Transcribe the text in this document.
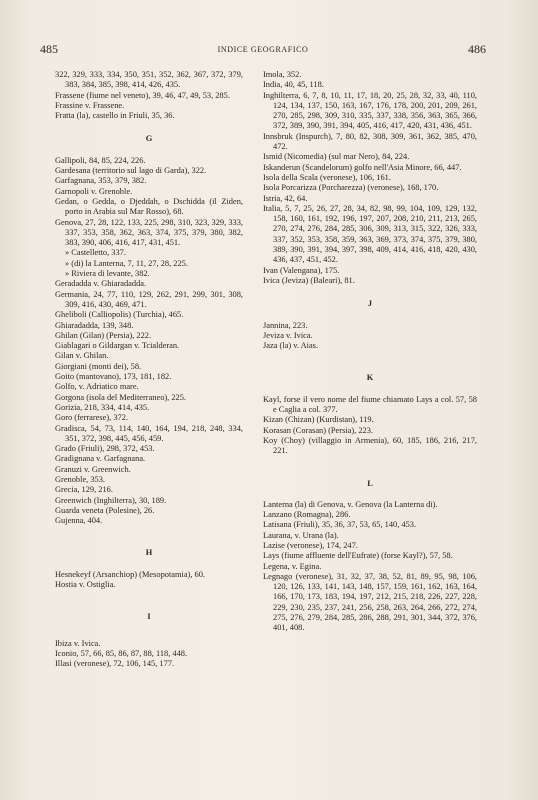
485	INDICE GEOGRAFICO	486
322, 329, 333, 334, 350, 351, 352, 362, 367, 372, 379, 383, 384, 385, 398, 414, 426, 435.
Frassene (fiume nel veneto), 39, 46, 47, 49, 53, 285.
Frassine v. Frassene.
Fratta (la), castello in Friuli, 35, 36.
G
Gallipoli, 84, 85, 224, 226.
Gardesana (territorio sul lago di Garda), 322.
Garfagnana, 353, 379, 382.
Garnopoli v. Grenoble.
Gedan, o Gedda, o Djeddah, o Dschidda (il Ziden, porto in Arabia sul Mar Rosso), 68.
Genova, 27, 28, 122, 133, 225, 298, 310, 323, 329, 333, 337, 353, 358, 362, 363, 374, 375, 379, 380, 382, 383, 390, 406, 416, 417, 431, 451.
» Castelletto, 337.
» (di) la Lanterna, 7, 11, 27, 28, 225.
» Riviera di levante, 382.
Geradadda v. Ghiaradadda.
Germania, 24, 77, 110, 129, 262, 291, 299, 301, 308, 309, 416, 430, 469, 471.
Gheliboli (Calliopolis) (Turchia), 465.
Ghiaradadda, 139, 348.
Ghilan (Gilan) (Persia), 222.
Giablagari o Gildargan v. Tcialderan.
Gilan v. Ghilan.
Giorgiani (monti dei), 58.
Goito (mantovano), 173, 181, 182.
Golfo, v. Adriatico mare.
Gorgona (isola del Mediterraneo), 225.
Gorizia, 218, 334, 414, 435.
Goro (ferrarese), 372.
Gradisca, 54, 73, 114, 140, 164, 194, 218, 248, 334, 351, 372, 398, 445, 456, 459.
Grado (Friuli), 298, 372, 453.
Gradignana v. Garfagnana.
Granuzi v. Greenwich.
Grenoble, 353.
Grecia, 129, 216.
Greenwich (Inghilterra), 30, 189.
Guarda veneta (Polesine), 26.
Gujenna, 404.
H
Hesnekeyf (Arsanchiop) (Mesopotamia), 60.
Hostia v. Ostiglia.
I
Ibiza v. Ivica.
Iconio, 57, 66, 85, 86, 87, 88, 118, 448.
Illasi (veronese), 72, 106, 145, 177.
Imola, 352.
India, 40, 45, 118.
Inghilterra, 6, 7, 8, 10, 11, 17, 18, 20, 25, 28, 32, 33, 40, 110, 124, 134, 137, 150, 163, 167, 176, 178, 200, 201, 209, 261, 270, 285, 298, 309, 310, 335, 337, 338, 356, 363, 365, 366, 372, 389, 390, 391, 394, 405, 416, 417, 420, 431, 436, 451.
Innsbruk (Inspurch), 7, 80, 82, 308, 309, 361, 362, 385, 470, 472.
Ismid (Nicomedia) (sul mar Nero), 84, 224.
Iskanderun (Scandelorum) golfo nell'Asia Minore, 66, 447.
Isola della Scala (veronese), 106, 161.
Isola Porcarizza (Porcharezza) (veronese), 168, 170.
Istria, 42, 64.
Italia, 5, 7, 25, 26, 27, 28, 34, 82, 98, 99, 104, 109, 129, 132, 158, 160, 161, 192, 196, 197, 207, 208, 210, 211, 213, 265, 270, 274, 276, 284, 285, 306, 309, 313, 315, 322, 326, 333, 337, 352, 353, 358, 359, 363, 369, 373, 374, 375, 379, 380, 389, 390, 391, 394, 397, 398, 409, 414, 416, 418, 420, 430, 436, 437, 451, 452.
Ivan (Valengana), 175.
Ivica (Jeviza) (Baleari), 81.
J
Jannina, 223.
Jeviza v. Ivica.
Jaza (la) v. Aias.
K
Kayl, forse il vero nome del fiume chiamato Lays a col. 57, 58 e Caglia a col. 377.
Kizan (Chizan) (Kurdistan), 119.
Korasan (Corasan) (Persia), 223.
Koy (Choy) (villaggio in Armenia), 60, 185, 186, 216, 217, 221.
L
Lanterna (la) di Genova, v. Genova (la Lanterna di).
Lanzano (Romagna), 286.
Latisana (Friuli), 35, 36, 37, 53, 65, 140, 453.
Laurana, v. Urana (la).
Lazise (veronese), 174, 247.
Lays (fiume affluente dell'Eufrate) (forse Kayl?), 57, 58.
Legena, v. Egina.
Legnago (veronese), 31, 32, 37, 38, 52, 81, 89, 95, 98, 106, 120, 126, 133, 141, 143, 148, 157, 159, 161, 162, 163, 164, 166, 170, 173, 183, 194, 197, 212, 215, 218, 226, 227, 228, 229, 230, 235, 237, 241, 256, 258, 263, 264, 266, 272, 274, 275, 276, 279, 284, 285, 286, 288, 291, 301, 344, 372, 376, 401, 408.
